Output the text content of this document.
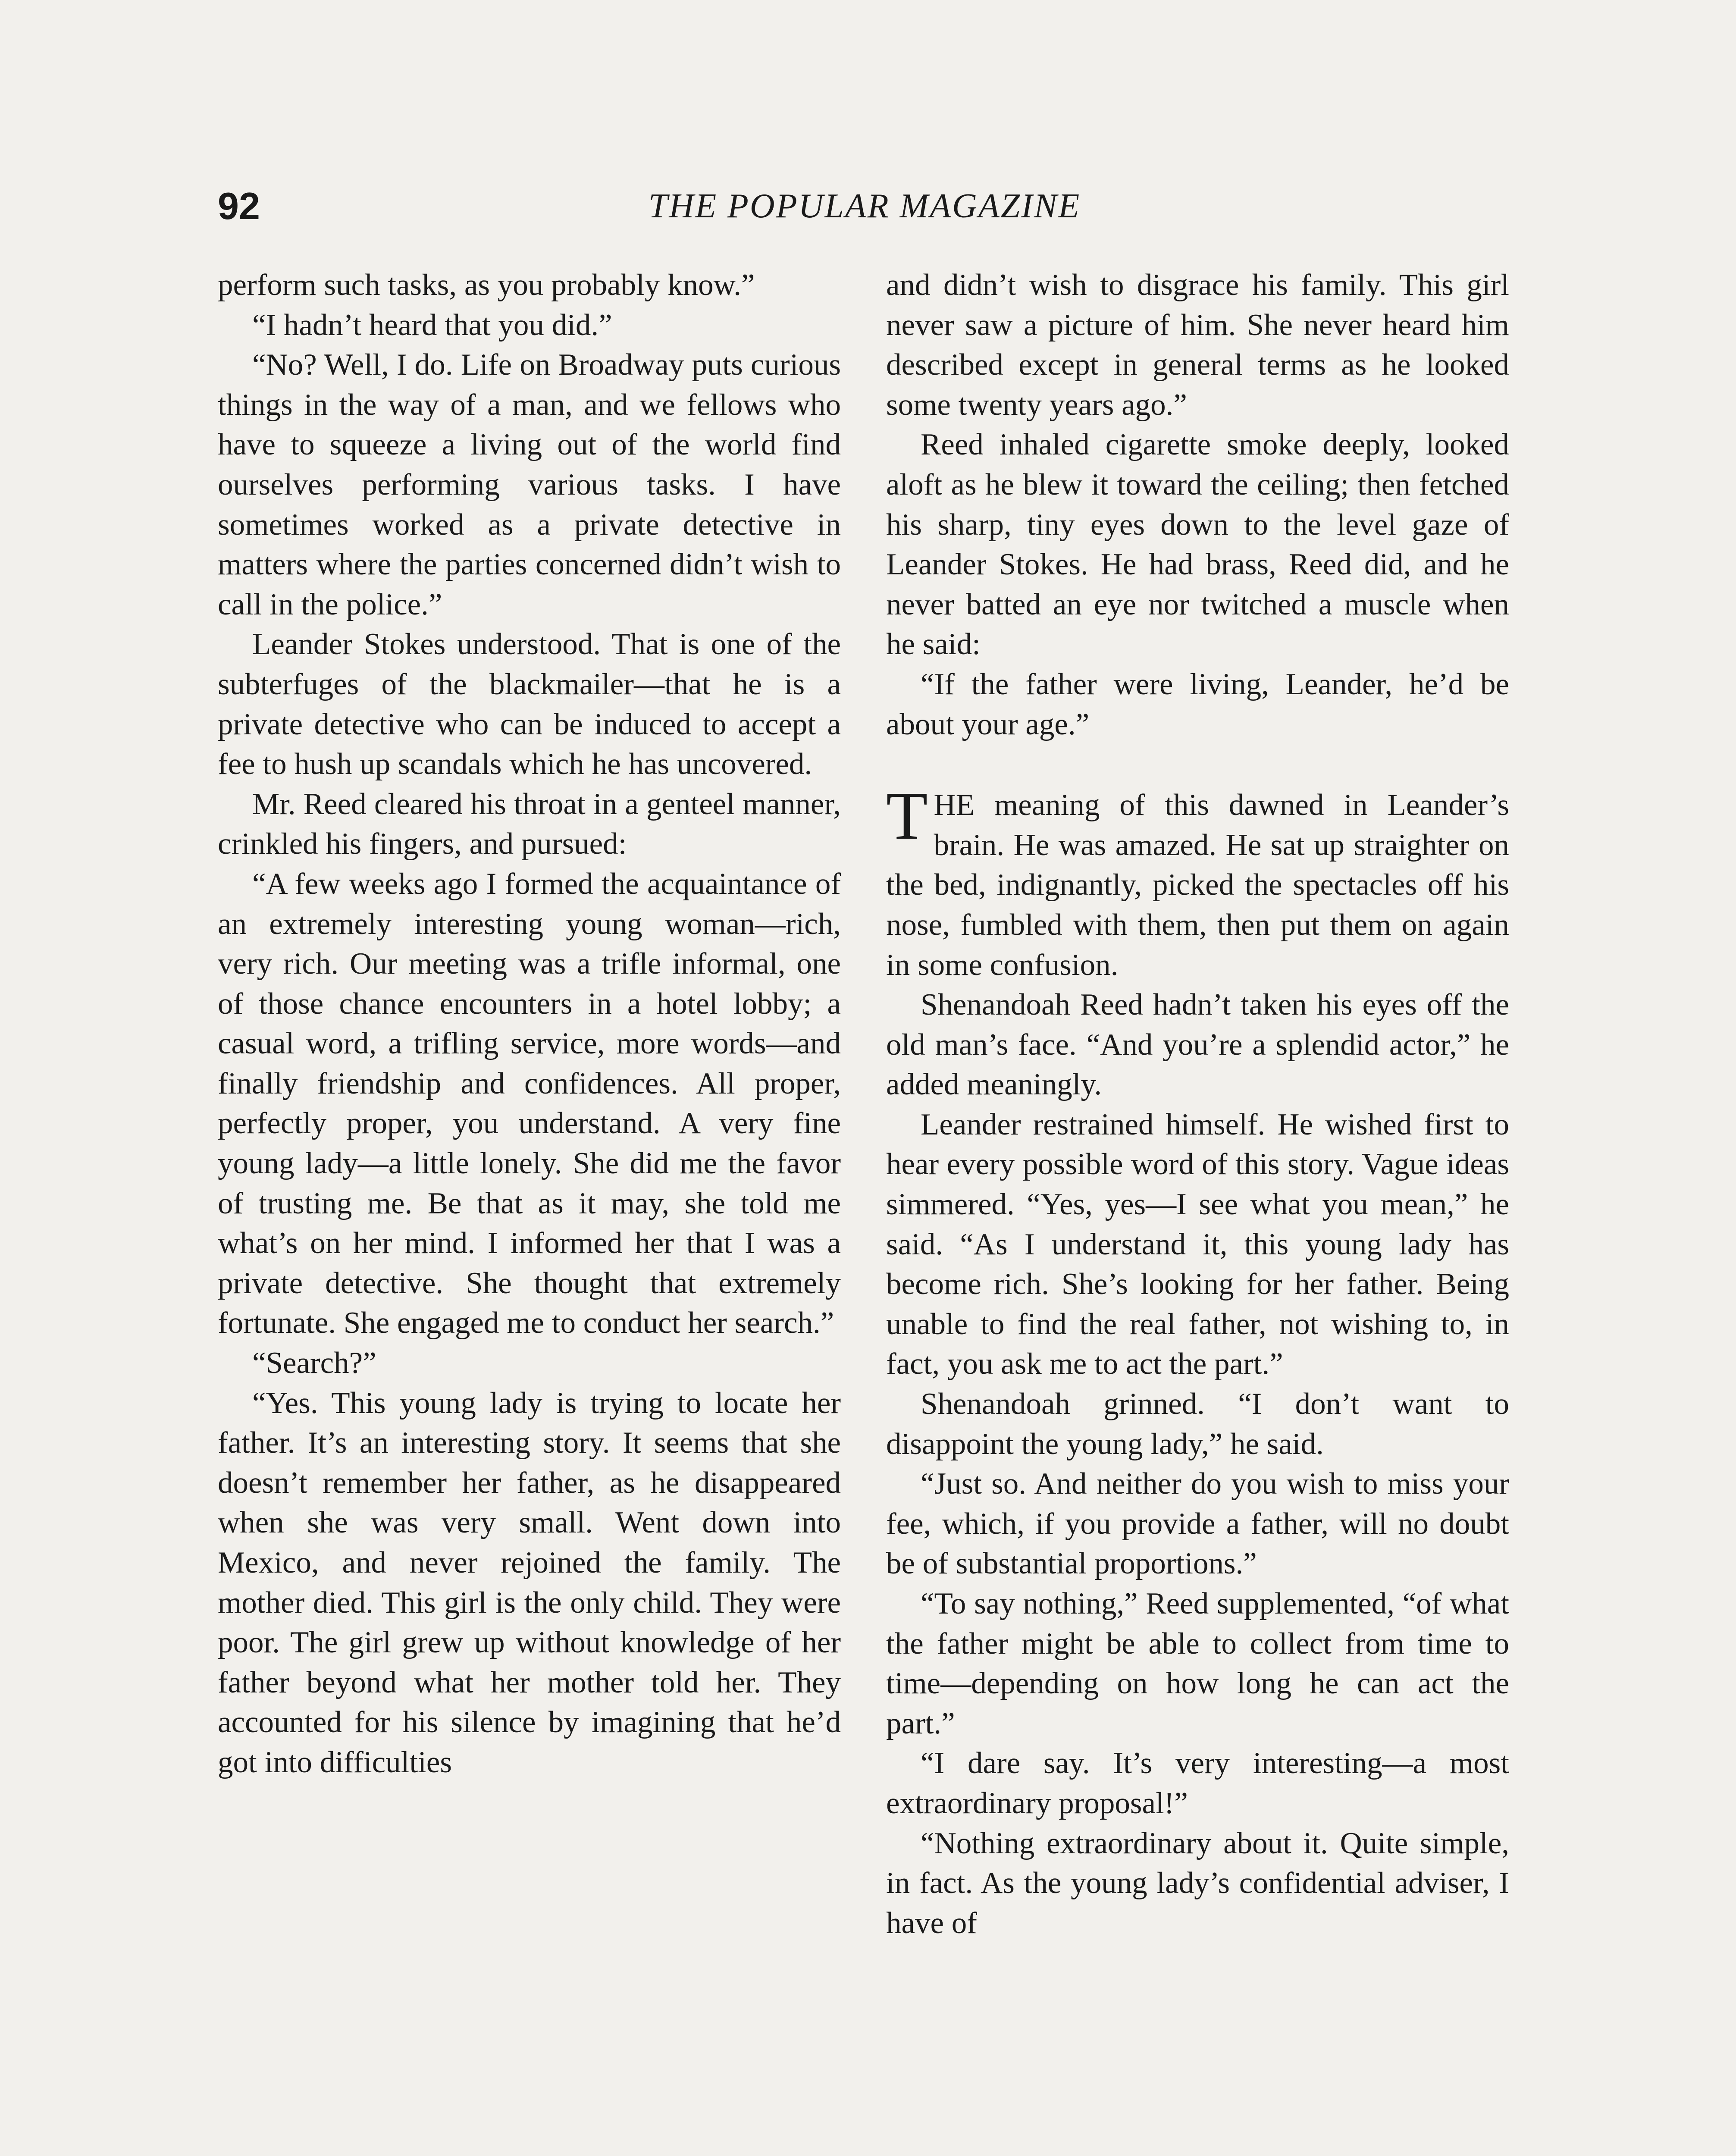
92	THE POPULAR MAGAZINE

perform such tasks, as you probably know.”

“I hadn’t heard that you did.”

“No? Well, I do. Life on Broadway puts curious things in the way of a man, and we fellows who have to squeeze a living out of the world find ourselves performing various tasks. I have sometimes worked as a private detective in matters where the parties concerned didn’t wish to call in the police.”

Leander Stokes understood. That is one of the subterfuges of the blackmailer—that he is a private detective who can be induced to accept a fee to hush up scandals which he has uncovered.

Mr. Reed cleared his throat in a genteel manner, crinkled his fingers, and pursued:

“A few weeks ago I formed the acquaintance of an extremely interesting young woman—rich, very rich. Our meeting was a trifle informal, one of those chance encounters in a hotel lobby; a casual word, a trifling service, more words—and finally friendship and confidences. All proper, perfectly proper, you understand. A very fine young lady—a little lonely. She did me the favor of trusting me. Be that as it may, she told me what’s on her mind. I informed her that I was a private detective. She thought that extremely fortunate. She engaged me to conduct her search.”

“Search?”

“Yes. This young lady is trying to locate her father. It’s an interesting story. It seems that she doesn’t remember her father, as he disappeared when she was very small. Went down into Mexico, and never rejoined the family. The mother died. This girl is the only child. They were poor. The girl grew up without knowledge of her father beyond what her mother told her. They accounted for his silence by imagining that he’d got into difficulties

and didn’t wish to disgrace his family. This girl never saw a picture of him. She never heard him described except in general terms as he looked some twenty years ago.”

Reed inhaled cigarette smoke deeply, looked aloft as he blew it toward the ceiling; then fetched his sharp, tiny eyes down to the level gaze of Leander Stokes. He had brass, Reed did, and he never batted an eye nor twitched a muscle when he said:

“If the father were living, Leander, he’d be about your age.”

THE meaning of this dawned in Leander’s brain. He was amazed. He sat up straighter on the bed, indignantly, picked the spectacles off his nose, fumbled with them, then put them on again in some confusion.

Shenandoah Reed hadn’t taken his eyes off the old man’s face. “And you’re a splendid actor,” he added meaningly.

Leander restrained himself. He wished first to hear every possible word of this story. Vague ideas simmered. “Yes, yes—I see what you mean,” he said. “As I understand it, this young lady has become rich. She’s looking for her father. Being unable to find the real father, not wishing to, in fact, you ask me to act the part.”

Shenandoah grinned. “I don’t want to disappoint the young lady,” he said.

“Just so. And neither do you wish to miss your fee, which, if you provide a father, will no doubt be of substantial proportions.”

“To say nothing,” Reed supplemented, “of what the father might be able to collect from time to time—depending on how long he can act the part.”

“I dare say. It’s very interesting—a most extraordinary proposal!”

“Nothing extraordinary about it. Quite simple, in fact. As the young lady’s confidential adviser, I have of
